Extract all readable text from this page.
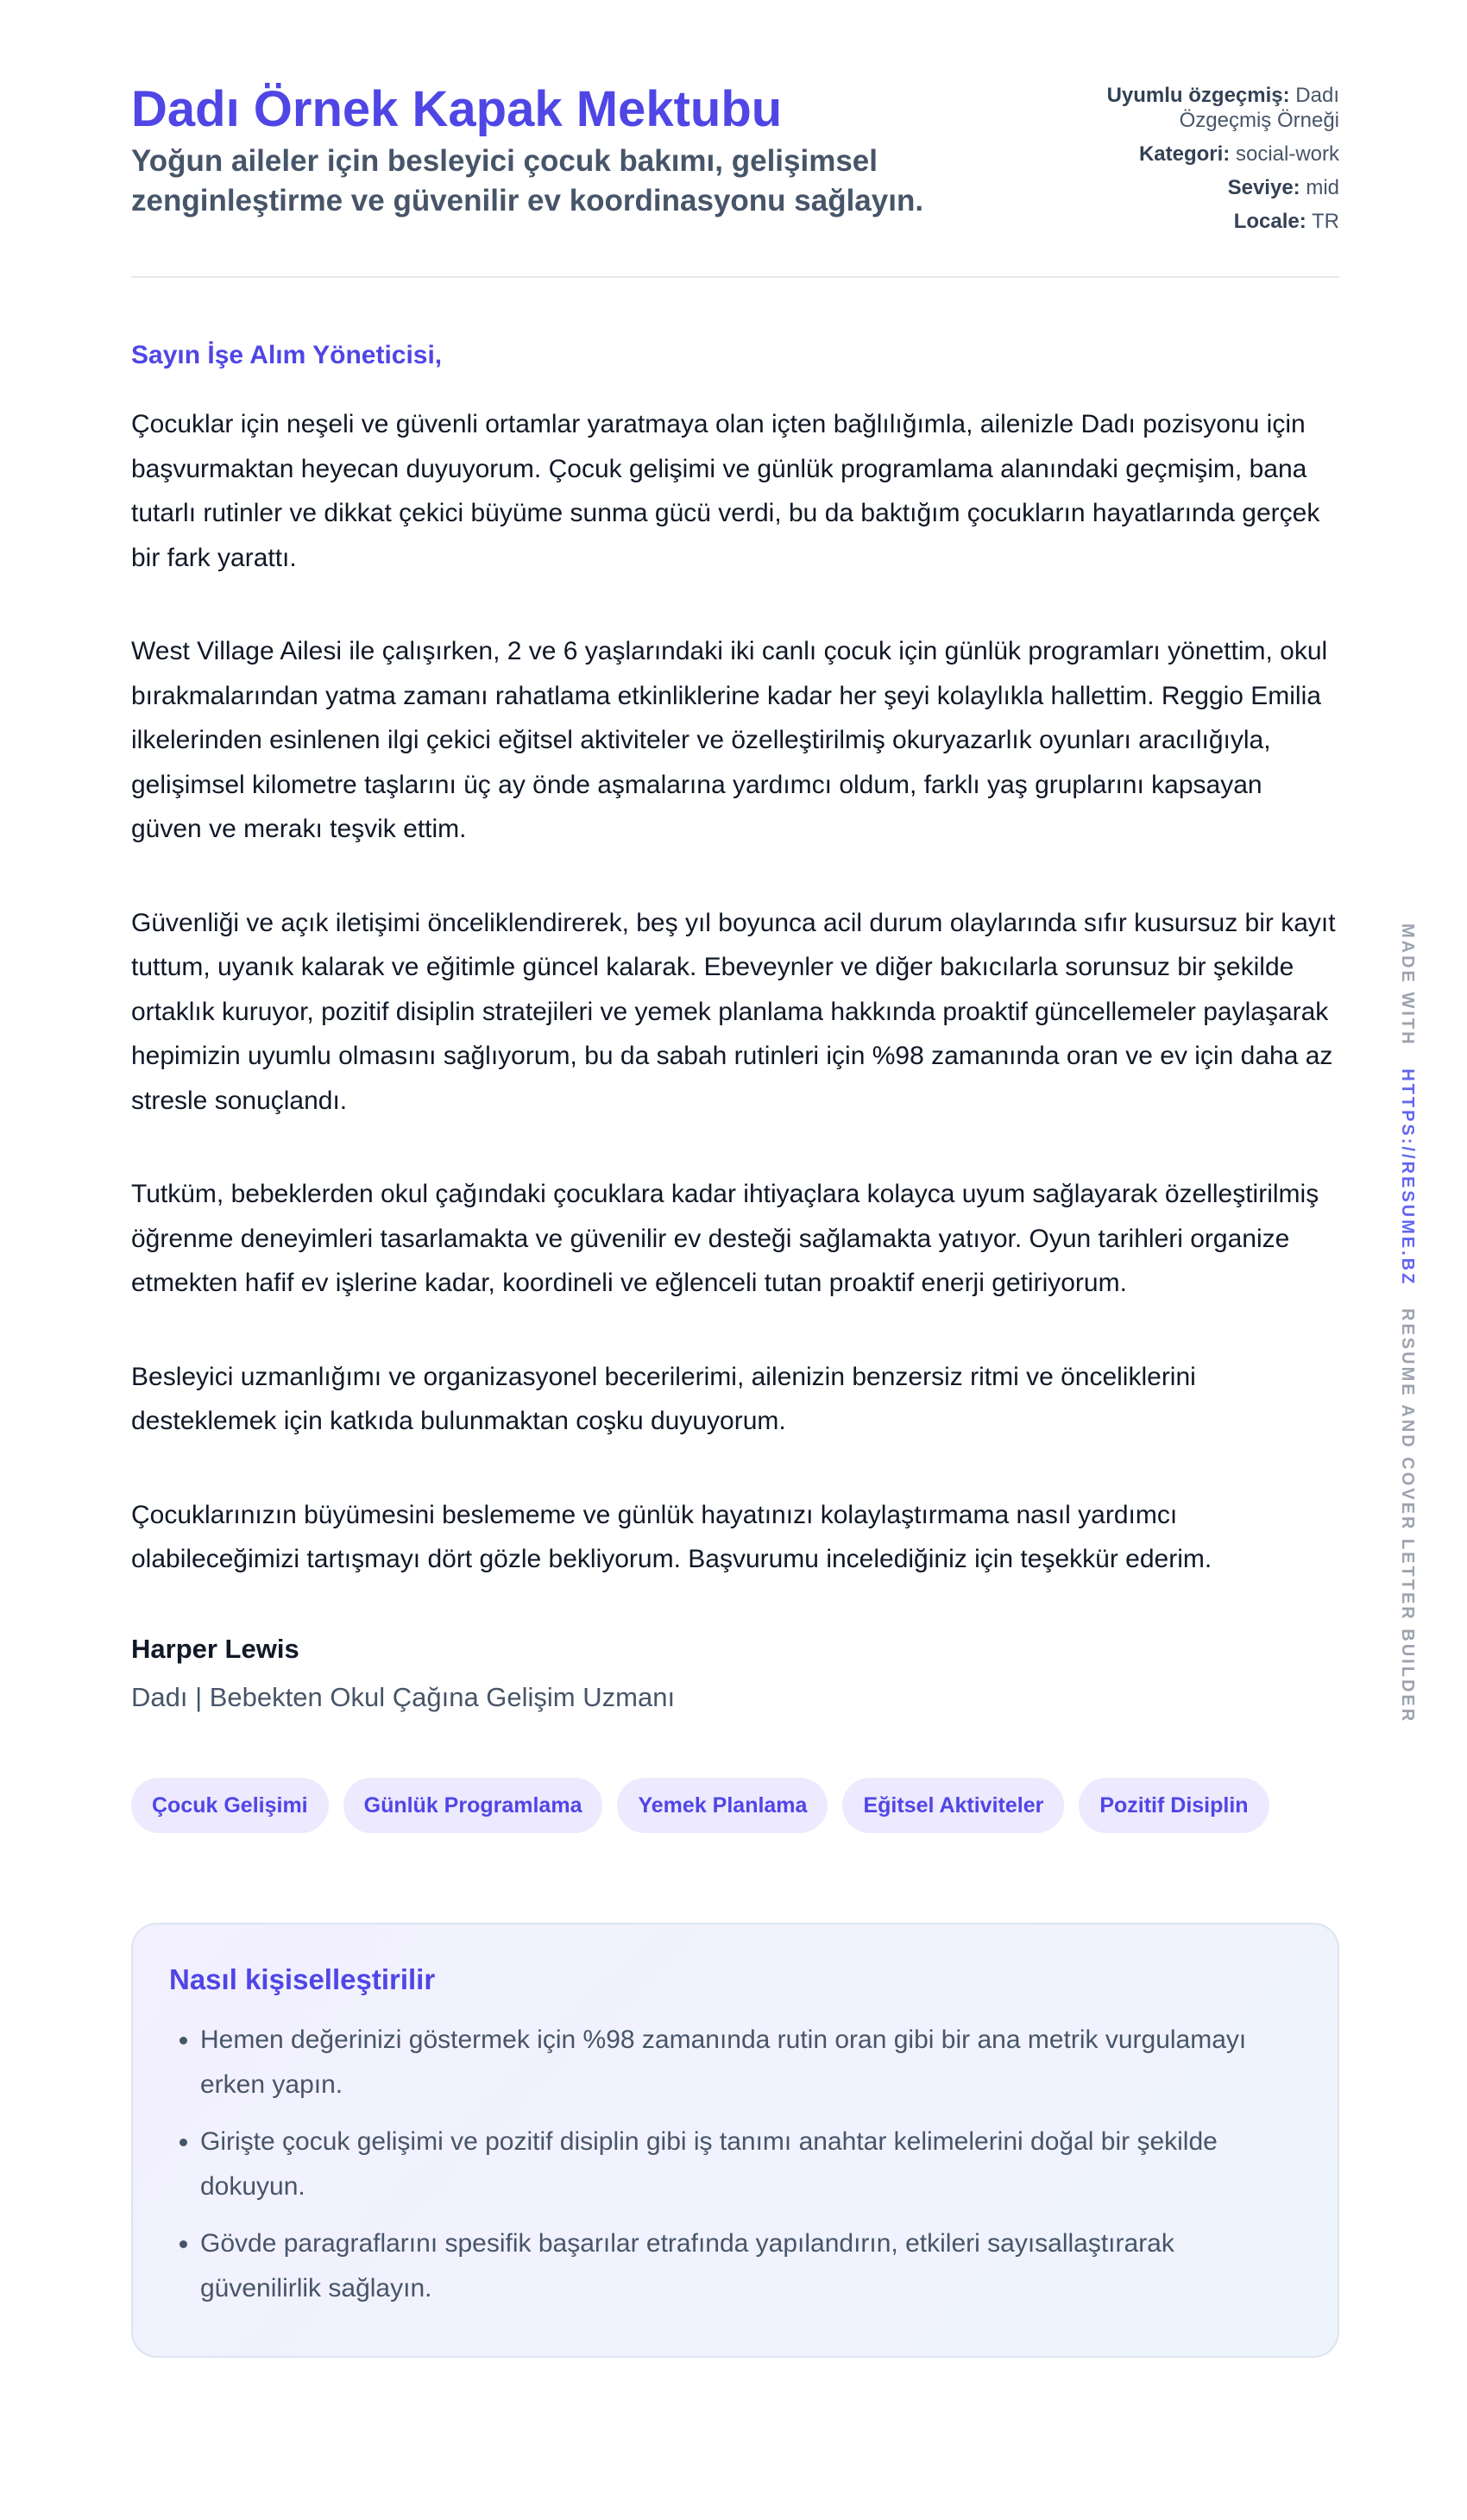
Dadı Örnek Kapak Mektubu
Yoğun aileler için besleyici çocuk bakımı, gelişimsel zenginleştirme ve güvenilir ev koordinasyonu sağlayın.
Uyumlu özgeçmiş: Dadı Özgeçmiş Örneği
Kategori: social-work
Seviye: mid
Locale: TR
Sayın İşe Alım Yöneticisi,

Çocuklar için neşeli ve güvenli ortamlar yaratmaya olan içten bağlılığımla, ailenizle Dadı pozisyonu için başvurmaktan heyecan duyuyorum. Çocuk gelişimi ve günlük programlama alanındaki geçmişim, bana tutarlı rutinler ve dikkat çekici büyüme sunma gücü verdi, bu da baktığım çocukların hayatlarında gerçek bir fark yarattı.

West Village Ailesi ile çalışırken, 2 ve 6 yaşlarındaki iki canlı çocuk için günlük programları yönettim, okul bırakmalarından yatma zamanı rahatlama etkinliklerine kadar her şeyi kolaylıkla hallettim. Reggio Emilia ilkelerinden esinlenen ilgi çekici eğitsel aktiviteler ve özelleştirilmiş okuryazarlık oyunları aracılığıyla, gelişimsel kilometre taşlarını üç ay önde aşmalarına yardımcı oldum, farklı yaş gruplarını kapsayan güven ve merakı teşvik ettim.

Güvenliği ve açık iletişimi önceliklendirerek, beş yıl boyunca acil durum olaylarında sıfır kusursuz bir kayıt tuttum, uyanık kalarak ve eğitimle güncel kalarak. Ebeveynler ve diğer bakıcılarla sorunsuz bir şekilde ortaklık kuruyor, pozitif disiplin stratejileri ve yemek planlama hakkında proaktif güncellemeler paylaşarak hepimizin uyumlu olmasını sağlıyorum, bu da sabah rutinleri için %98 zamanında oran ve ev için daha az stresle sonuçlandı.

Tutküm, bebeklerden okul çağındaki çocuklara kadar ihtiyaçlara kolayca uyum sağlayarak özelleştirilmiş öğrenme deneyimleri tasarlamakta ve güvenilir ev desteği sağlamakta yatıyor. Oyun tarihleri organize etmekten hafif ev işlerine kadar, koordineli ve eğlenceli tutan proaktif enerji getiriyorum.

Besleyici uzmanlığımı ve organizasyonel becerilerimi, ailenizin benzersiz ritmi ve önceliklerini desteklemek için katkıda bulunmaktan coşku duyuyorum.

Çocuklarınızın büyümesini beslememe ve günlük hayatınızı kolaylaştırmama nasıl yardımcı olabileceğimizi tartışmayı dört gözle bekliyorum. Başvurumu incelediğiniz için teşekkür ederim.

Harper Lewis
Dadı | Bebekten Okul Çağına Gelişim Uzmanı
Çocuk Gelişimi	Günlük Programlama	Yemek Planlama	Eğitsel Aktiviteler	Pozitif Disiplin
Nasıl kişiselleştirilir
• Hemen değerinizi göstermek için %98 zamanında rutin oran gibi bir ana metrik vurgulamayı erken yapın.
• Girişte çocuk gelişimi ve pozitif disiplin gibi iş tanımı anahtar kelimelerini doğal bir şekilde dokuyun.
• Gövde paragraflarını spesifik başarılar etrafında yapılandırın, etkileri sayısallaştırarak güvenilirlik sağlayın.
MADE WITH   HTTPS://RESUME.BZ   RESUME AND COVER LETTER BUILDER
